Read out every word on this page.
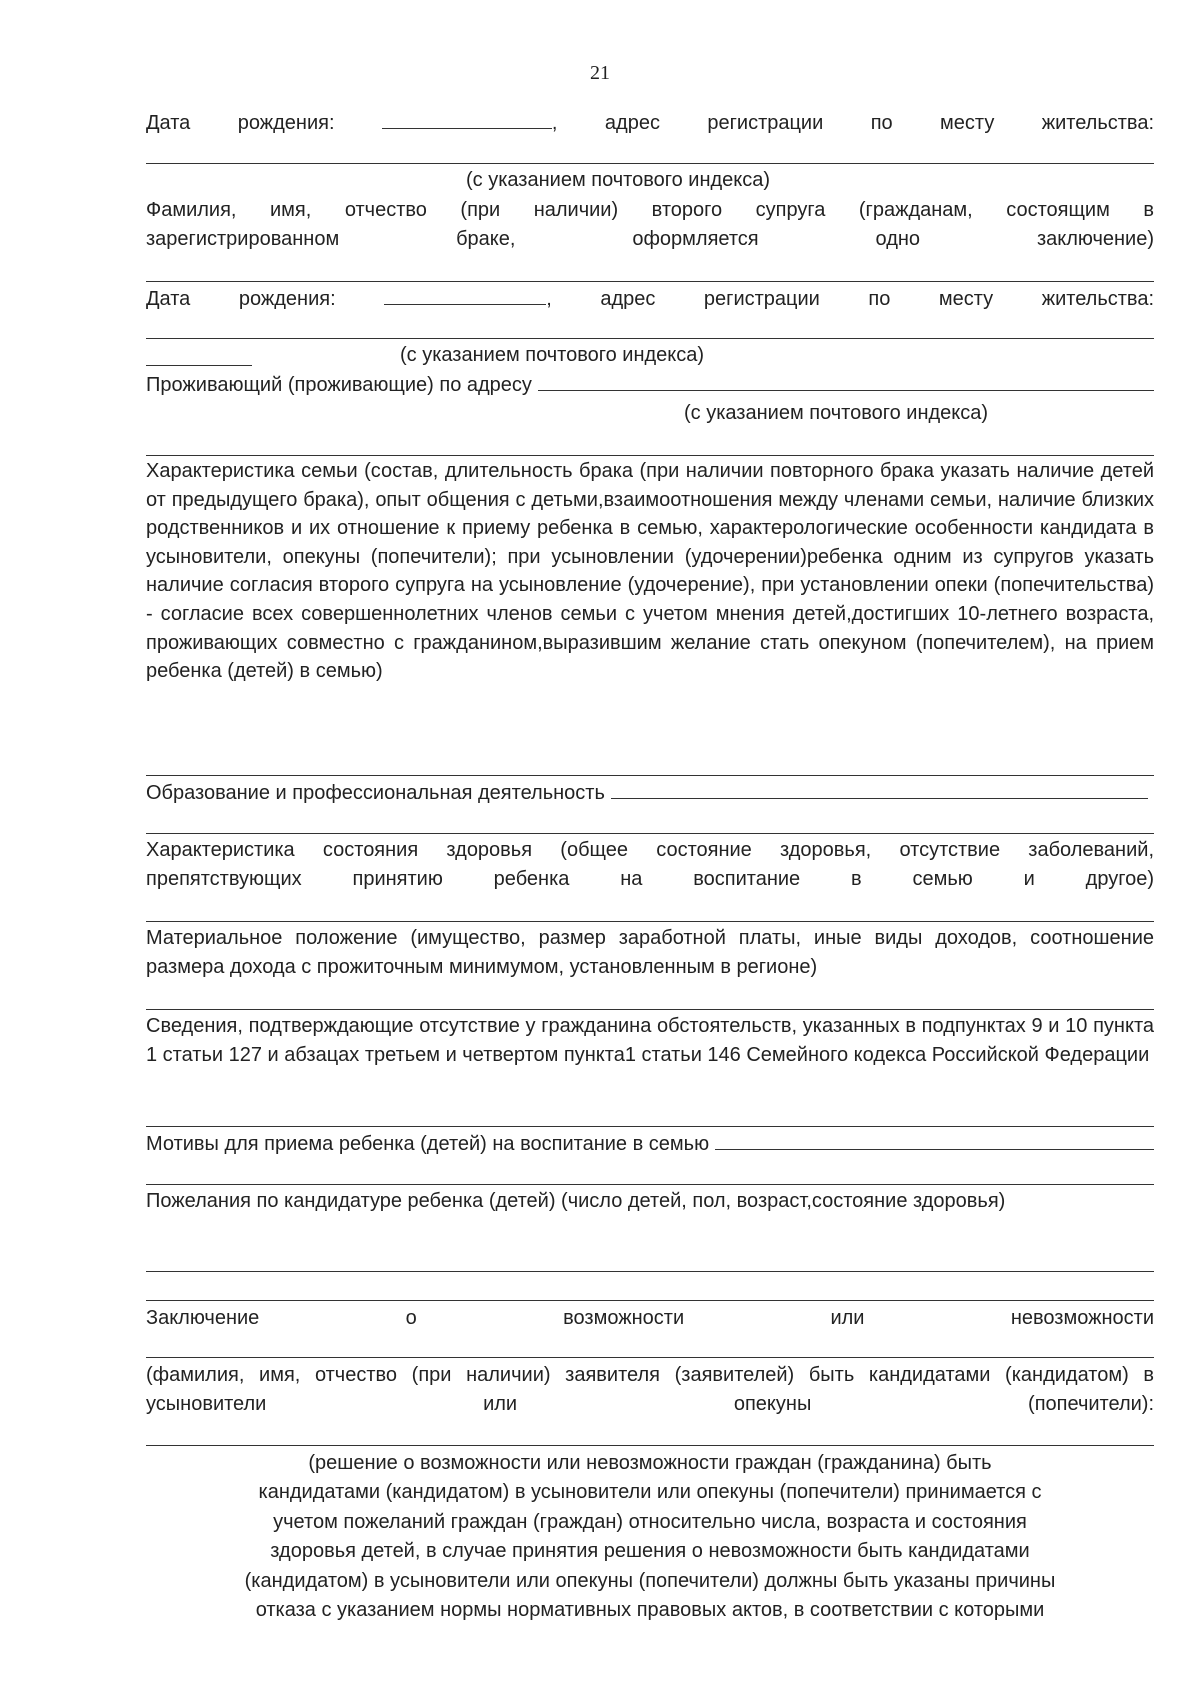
21
Дата рождения:	, адрес регистрации по месту жительства:
(с указанием почтового индекса)
Фамилия, имя, отчество (при наличии) второго супруга (гражданам, состоящим в
зарегистрированном браке, оформляется одно заключение)
Дата рождения:	, адрес регистрации по месту жительства:
(с указанием почтового индекса)
Проживающий (проживающие) по адресу
(с указанием почтового индекса)
Характеристика семьи (состав, длительность брака (при наличии повторного брака указать наличие детей от предыдущего брака), опыт общения с детьми,взаимоотношения между членами семьи, наличие близких родственников и их отношение к приему ребенка в семью, характерологические особенности кандидата в усыновители, опекуны (попечители); при усыновлении (удочерении)ребенка одним из супругов указать наличие согласия второго супруга на усыновление (удочерение), при установлении опеки (попечительства) - согласие всех совершеннолетних членов семьи с учетом мнения детей,достигших 10-летнего возраста, проживающих совместно с гражданином,выразившим желание стать опекуном (попечителем), на прием ребенка (детей) в семью)
Образование и профессиональная деятельность
Характеристика состояния здоровья (общее состояние здоровья, отсутствие заболеваний, препятствующих принятию ребенка на воспитание в семью и другое)
Материальное положение (имущество, размер заработной платы, иные виды доходов, соотношение размера дохода с прожиточным минимумом, установленным в регионе)
Сведения, подтверждающие отсутствие у гражданина обстоятельств, указанных в подпунктах 9 и 10 пункта 1 статьи 127 и абзацах третьем и четвертом пункта1 статьи 146 Семейного кодекса Российской Федерации
Мотивы для приема ребенка (детей) на воспитание в семью
Пожелания по кандидатуре ребенка (детей) (число детей, пол, возраст,состояние здоровья)
Заключение о возможности или невозможности
(фамилия, имя, отчество (при наличии) заявителя (заявителей) быть кандидатами (кандидатом) в усыновители или опекуны (попечители):
(решение о возможности или невозможности граждан (гражданина) быть
кандидатами (кандидатом) в усыновители или опекуны (попечители) принимается с
учетом пожеланий граждан (граждан) относительно числа, возраста и состояния
здоровья детей, в случае принятия решения о невозможности быть кандидатами
(кандидатом) в усыновители или опекуны (попечители) должны быть указаны причины
отказа с указанием нормы нормативных правовых актов, в соответствии с которыми
